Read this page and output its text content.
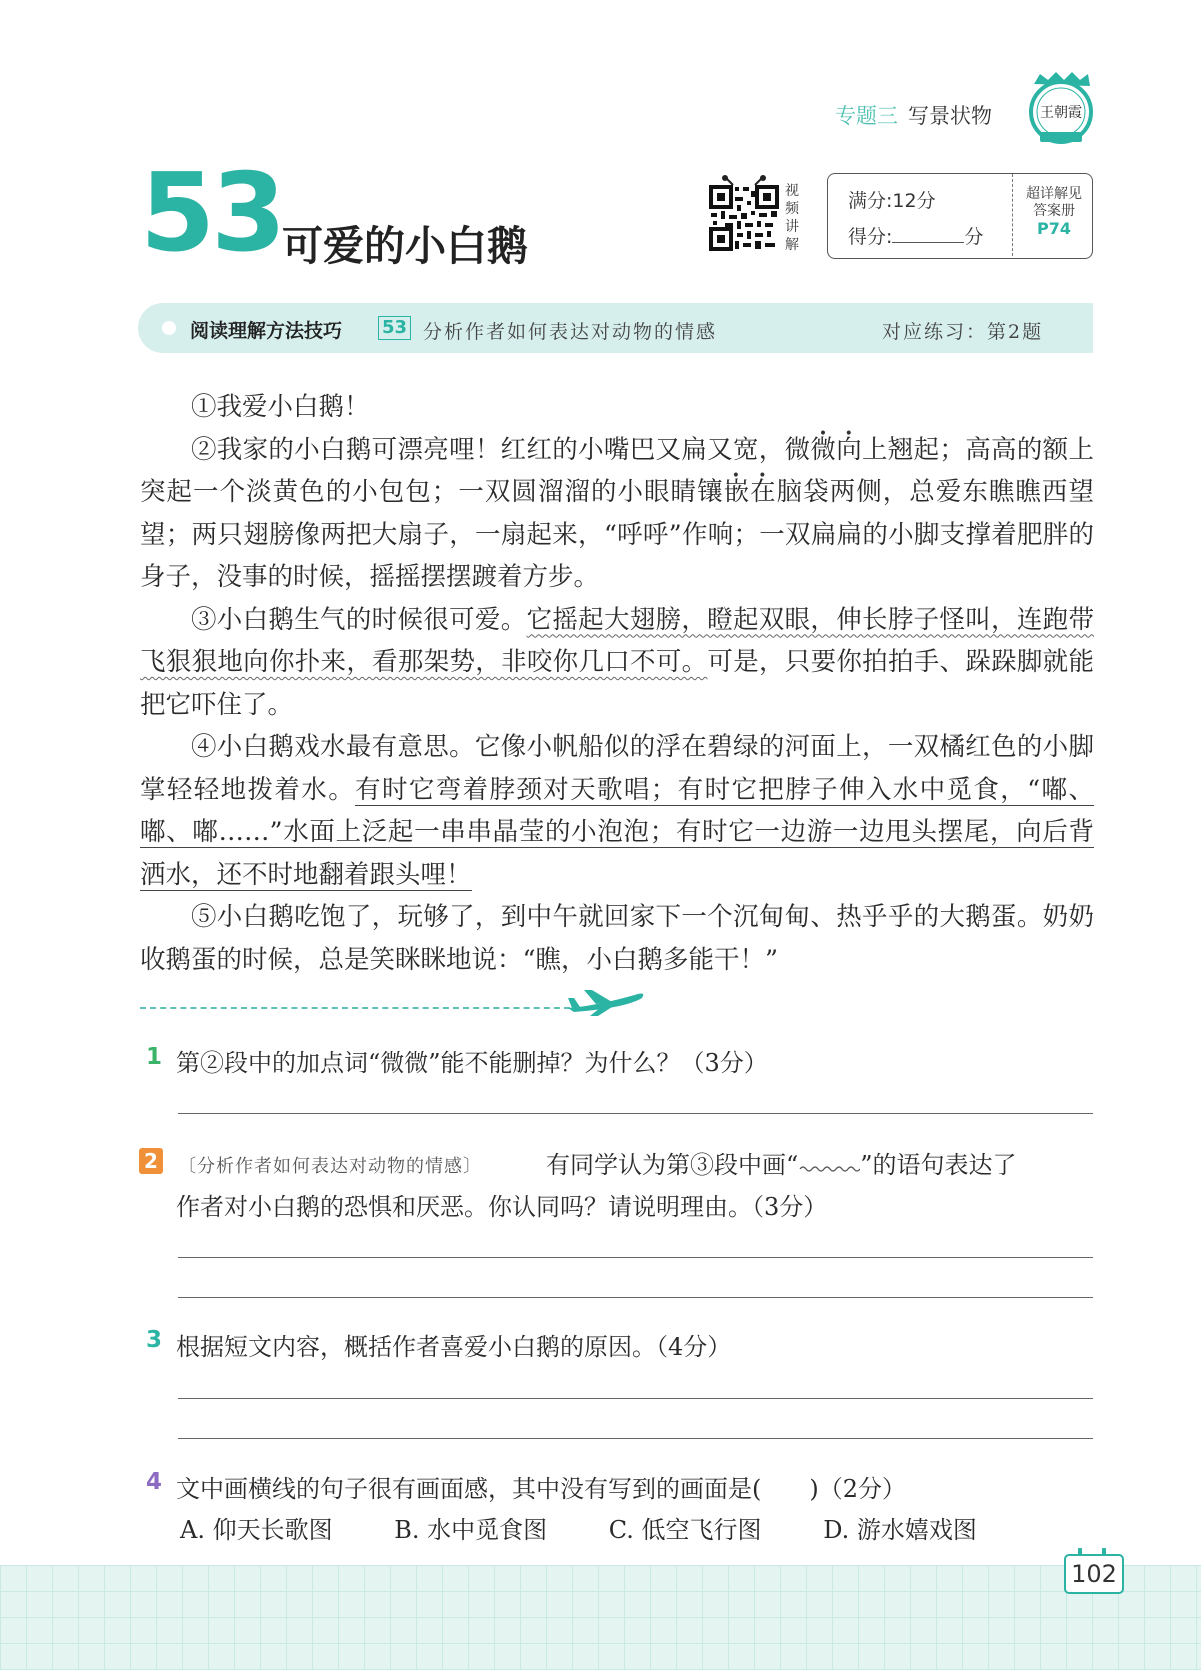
专题三 写景状物	王朝霞
53 可爱的小白鹅
视频讲解
满分:12分
得分:	分
超详解见
答案册
P74
阅读理解方法技巧 53 分析作者如何表达对动物的情感	对应练习：第2题

①我爱小白鹅！

②我家的小白鹅可漂亮哩！红红的小嘴巴又扁又宽，微微向上翘起；高高的额上突起一个淡黄色的小包包；一双圆溜溜的小眼睛镶嵌在脑袋两侧，总爱东瞧瞧西望望；两只翅膀像两把大扇子，一扇起来，“呼呼”作响；一双扁扁的小脚支撑着肥胖的身子，没事的时候，摇摇摆摆踱着方步。

③小白鹅生气的时候很可爱。它摇起大翅膀，瞪起双眼，伸长脖子怪叫，连跑带飞狠狠地向你扑来，看那架势，非咬你几口不可。可是，只要你拍拍手、跺跺脚就能把它吓住了。

④小白鹅戏水最有意思。它像小帆船似的浮在碧绿的河面上，一双橘红色的小脚掌轻轻地拨着水。有时它弯着脖颈对天歌唱；有时它把脖子伸入水中觅食，“嘟、嘟、嘟……”水面上泛起一串串晶莹的小泡泡；有时它一边游一边甩头摆尾，向后背洒水，还不时地翻着跟头哩！

⑤小白鹅吃饱了，玩够了，到中午就回家下一个沉甸甸、热乎乎的大鹅蛋。奶奶收鹅蛋的时候，总是笑眯眯地说：“瞧，小白鹅多能干！”

1 第②段中的加点词“微微”能不能删掉？为什么？（3分）
2 〔分析作者如何表达对动物的情感〕	有同学认为第③段中画“	”的语句表达了
作者对小白鹅的恐惧和厌恶。你认同吗？请说明理由。（3分）
3 根据短文内容，概括作者喜爱小白鹅的原因。（4分）
4 文中画横线的句子很有画面感，其中没有写到的画面是(　　)（2分）
A. 仰天长歌图	B. 水中觅食图	C. 低空飞行图	D. 游水嬉戏图
102
